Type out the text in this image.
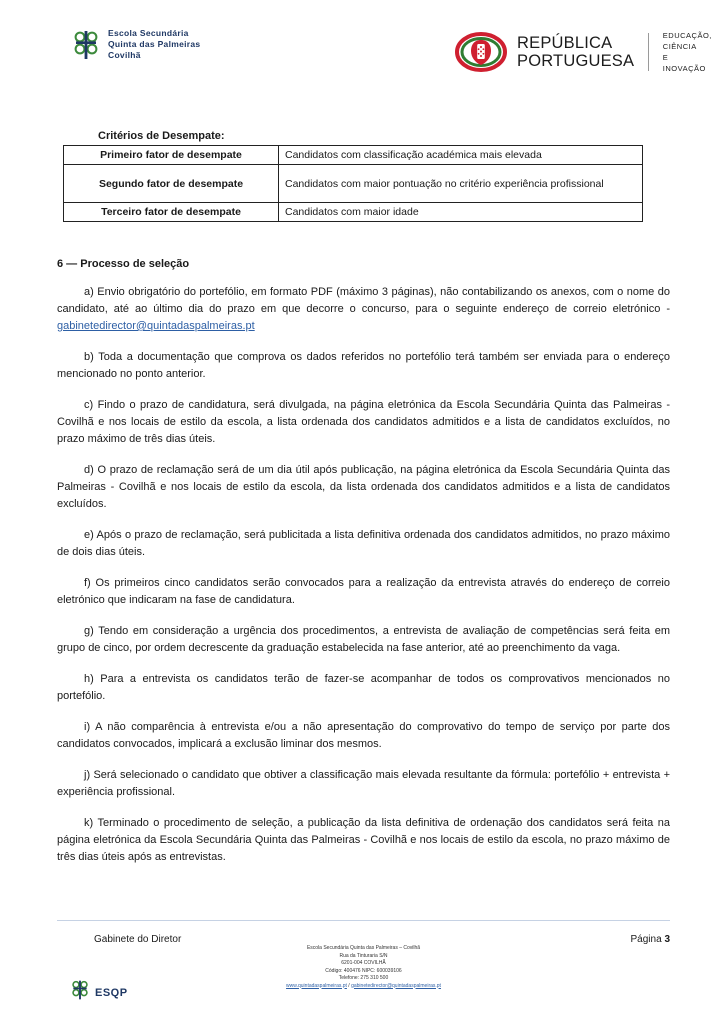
Escola Secundária
Quinta das Palmeiras
Covilhã
REPÚBLICA
PORTUGUESA
EDUCAÇÃO, CIÊNCIA
E INOVAÇÃO
Critérios de Desempate:
Primeiro fator de desempate	Candidatos com classificação académica mais elevada
Segundo fator de desempate	Candidatos com maior pontuação no critério experiência profissional
Terceiro fator de desempate	Candidatos com maior idade
6 — Processo de seleção

a) Envio obrigatório do portefólio, em formato PDF (máximo 3 páginas), não contabilizando os anexos, com o nome do candidato, até ao último dia do prazo em que decorre o concurso, para o seguinte endereço de correio eletrónico - gabinetedirector@quintadaspalmeiras.pt

b) Toda a documentação que comprova os dados referidos no portefólio terá também ser enviada para o endereço mencionado no ponto anterior.

c) Findo o prazo de candidatura, será divulgada, na página eletrónica da Escola Secundária Quinta das Palmeiras - Covilhã e nos locais de estilo da escola, a lista ordenada dos candidatos admitidos e a lista de candidatos excluídos, no prazo máximo de três dias úteis.

d) O prazo de reclamação será de um dia útil após publicação, na página eletrónica da Escola Secundária Quinta das Palmeiras - Covilhã e nos locais de estilo da escola, da lista ordenada dos candidatos admitidos e a lista de candidatos excluídos.

e) Após o prazo de reclamação, será publicitada a lista definitiva ordenada dos candidatos admitidos, no prazo máximo de dois dias úteis.

f) Os primeiros cinco candidatos serão convocados para a realização da entrevista através do endereço de correio eletrónico que indicaram na fase de candidatura.

g) Tendo em consideração a urgência dos procedimentos, a entrevista de avaliação de competências será feita em grupo de cinco, por ordem decrescente da graduação estabelecida na fase anterior, até ao preenchimento da vaga.

h) Para a entrevista os candidatos terão de fazer-se acompanhar de todos os comprovativos mencionados no portefólio.

i) A não comparência à entrevista e/ou a não apresentação do comprovativo do tempo de serviço por parte dos candidatos convocados, implicará a exclusão liminar dos mesmos.

j) Será selecionado o candidato que obtiver a classificação mais elevada resultante da fórmula: portefólio + entrevista + experiência profissional.

k) Terminado o procedimento de seleção, a publicação da lista definitiva de ordenação dos candidatos será feita na página eletrónica da Escola Secundária Quinta das Palmeiras - Covilhã e nos locais de estilo da escola, no prazo máximo de três dias úteis após as entrevistas.

Gabinete do Diretor	Página 3
Escola Secundária Quinta das Palmeiras – Covilhã
Rua da Tinturaria S/N
6201-004 COVILHÃ
Código: 400476 NIPC: 600039106
Telefone: 275 310 500
www.quintadaspalmeiras.pt / gabinetedirector@quintadaspalmeiras.pt
ESQP
